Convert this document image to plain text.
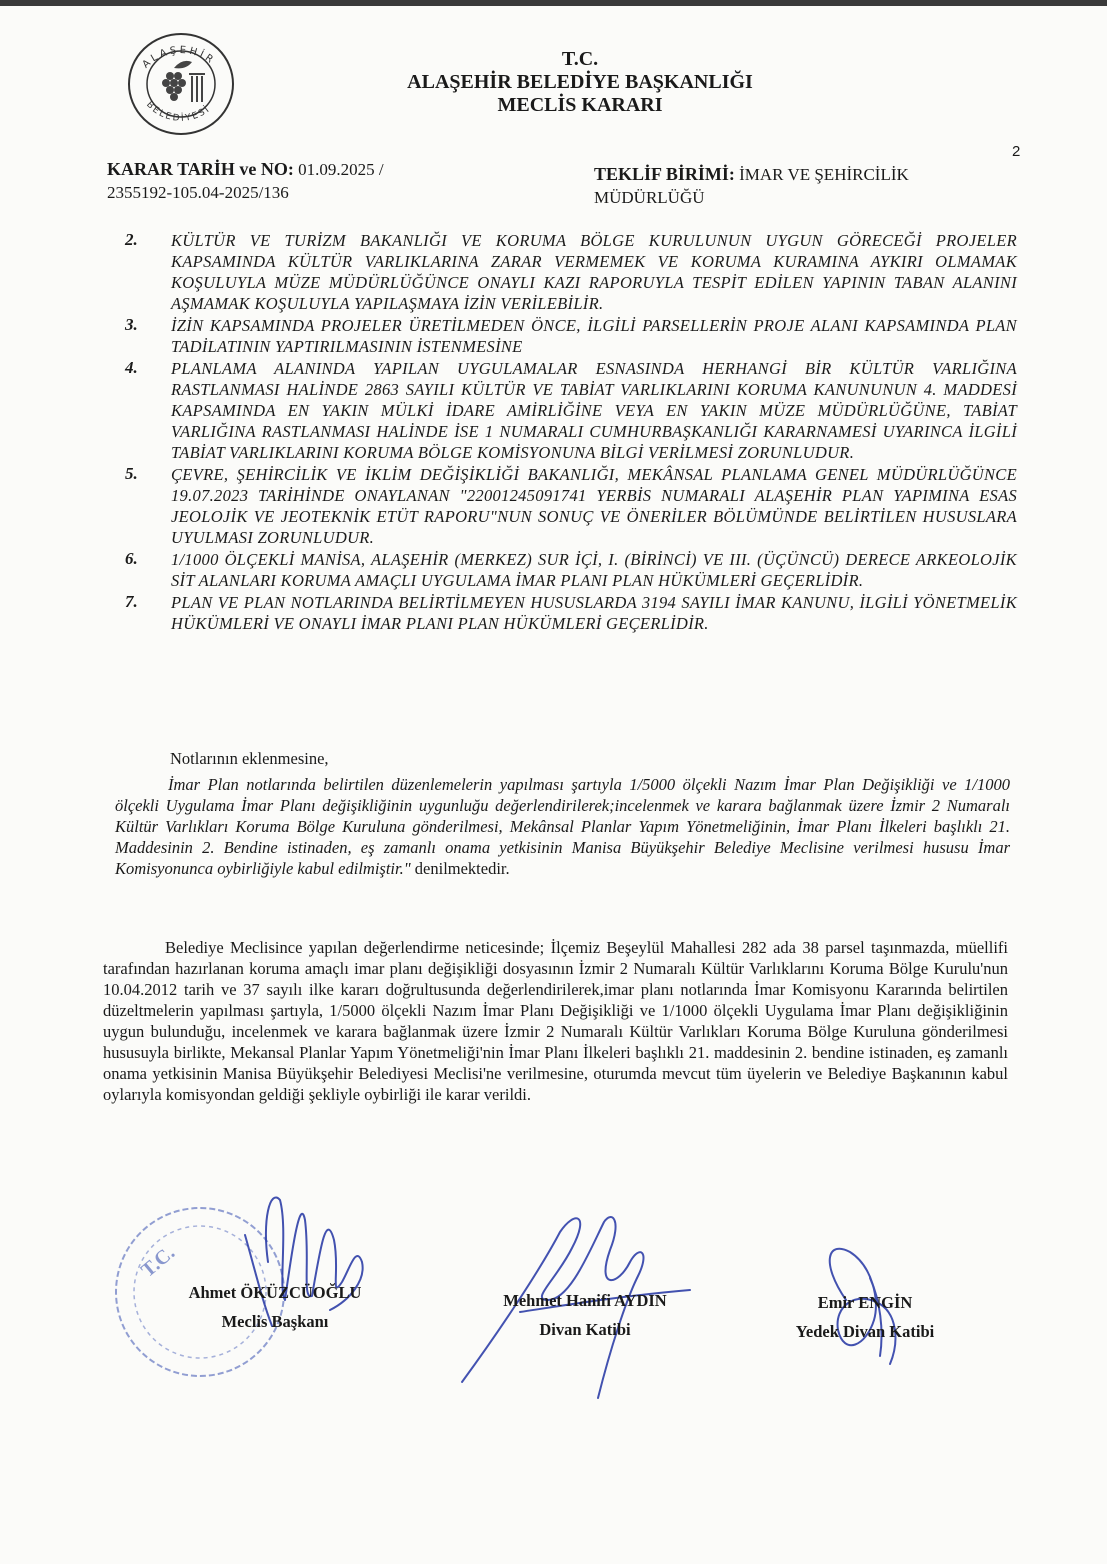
ALAŞEHİR
BELEDİYESİ
T.C.
ALAŞEHİR BELEDİYE BAŞKANLIĞI
MECLİS KARARI
2
KARAR TARİH ve NO: 01.09.2025 /
2355192-105.04-2025/136
TEKLİF BİRİMİ: İMAR VE ŞEHİRCİLİK
MÜDÜRLÜĞÜ
2.	KÜLTÜR VE TURİZM BAKANLIĞI VE KORUMA BÖLGE KURULUNUN UYGUN GÖRECEĞİ PROJELER KAPSAMINDA KÜLTÜR VARLIKLARINA ZARAR VERMEMEK VE KORUMA KURAMINA AYKIRI OLMAMAK KOŞULUYLA MÜZE MÜDÜRLÜĞÜNCE ONAYLI KAZI RAPORUYLA TESPİT EDİLEN YAPININ TABAN ALANINI AŞMAMAK KOŞULUYLA YAPILAŞMAYA İZİN VERİLEBİLİR.
3.	İZİN KAPSAMINDA PROJELER ÜRETİLMEDEN ÖNCE, İLGİLİ PARSELLERİN PROJE ALANI KAPSAMINDA PLAN TADİLATININ YAPTIRILMASININ İSTENMESİNE
4.	PLANLAMA ALANINDA YAPILAN UYGULAMALAR ESNASINDA HERHANGİ BİR KÜLTÜR VARLIĞINA RASTLANMASI HALİNDE 2863 SAYILI KÜLTÜR VE TABİAT VARLIKLARINI KORUMA KANUNUNUN 4. MADDESİ KAPSAMINDA EN YAKIN MÜLKİ İDARE AMİRLİĞİNE VEYA EN YAKIN MÜZE MÜDÜRLÜĞÜNE, TABİAT VARLIĞINA RASTLANMASI HALİNDE İSE 1 NUMARALI CUMHURBAŞKANLIĞI KARARNAMESİ UYARINCA İLGİLİ TABİAT VARLIKLARINI KORUMA BÖLGE KOMİSYONUNA BİLGİ VERİLMESİ ZORUNLUDUR.
5.	ÇEVRE, ŞEHİRCİLİK VE İKLİM DEĞİŞİKLİĞİ BAKANLIĞI, MEKÂNSAL PLANLAMA GENEL MÜDÜRLÜĞÜNCE 19.07.2023 TARİHİNDE ONAYLANAN "22001245091741 YERBİS NUMARALI ALAŞEHİR PLAN YAPIMINA ESAS JEOLOJİK VE JEOTEKNİK ETÜT RAPORU"NUN SONUÇ VE ÖNERİLER BÖLÜMÜNDE BELİRTİLEN HUSUSLARA UYULMASI ZORUNLUDUR.
6.	1/1000 ÖLÇEKLİ MANİSA, ALAŞEHİR (MERKEZ) SUR İÇİ, I. (BİRİNCİ) VE III. (ÜÇÜNCÜ) DERECE ARKEOLOJİK SİT ALANLARI KORUMA AMAÇLI UYGULAMA İMAR PLANI PLAN HÜKÜMLERİ GEÇERLİDİR.
7.	PLAN VE PLAN NOTLARINDA BELİRTİLMEYEN HUSUSLARDA 3194 SAYILI İMAR KANUNU, İLGİLİ YÖNETMELİK HÜKÜMLERİ VE ONAYLI İMAR PLANI PLAN HÜKÜMLERİ GEÇERLİDİR.
Notlarının eklenmesine,
İmar Plan notlarında belirtilen düzenlemelerin yapılması şartıyla 1/5000 ölçekli Nazım İmar Plan Değişikliği ve 1/1000 ölçekli Uygulama İmar Planı değişikliğinin uygunluğu değerlendirilerek;incelenmek ve karara bağlanmak üzere İzmir 2 Numaralı Kültür Varlıkları Koruma Bölge Kuruluna gönderilmesi, Mekânsal Planlar Yapım Yönetmeliğinin, İmar Planı İlkeleri başlıklı 21. Maddesinin 2. Bendine istinaden, eş zamanlı onama yetkisinin Manisa Büyükşehir Belediye Meclisine verilmesi hususu İmar Komisyonunca oybirliğiyle kabul edilmiştir." denilmektedir.
Belediye Meclisince yapılan değerlendirme neticesinde; İlçemiz Beşeylül Mahallesi 282 ada 38 parsel taşınmazda, müellifi tarafından hazırlanan koruma amaçlı imar planı değişikliği dosyasının İzmir 2 Numaralı Kültür Varlıklarını Koruma Bölge Kurulu'nun 10.04.2012 tarih ve 37 sayılı ilke kararı doğrultusunda değerlendirilerek,imar planı notlarında İmar Komisyonu Kararında belirtilen düzeltmelerin yapılması şartıyla, 1/5000 ölçekli Nazım İmar Planı Değişikliği ve 1/1000 ölçekli Uygulama İmar Planı değişikliğinin uygun bulunduğu, incelenmek ve karara bağlanmak üzere İzmir 2 Numaralı Kültür Varlıkları Koruma Bölge Kuruluna gönderilmesi hususuyla birlikte, Mekansal Planlar Yapım Yönetmeliği'nin İmar Planı İlkeleri başlıklı 21. maddesinin 2. bendine istinaden, eş zamanlı onama yetkisinin Manisa Büyükşehir Belediyesi Meclisi'ne verilmesine, oturumda mevcut tüm üyelerin ve Belediye Başkanının kabul oylarıyla komisyondan geldiği şekliyle oybirliği ile karar verildi.
T.C.
Ahmet ÖKÜZCÜOĞLU
Meclis Başkanı
Mehmet Hanifi AYDIN
Divan Katibi
Emir ENGİN
Yedek Divan Katibi
